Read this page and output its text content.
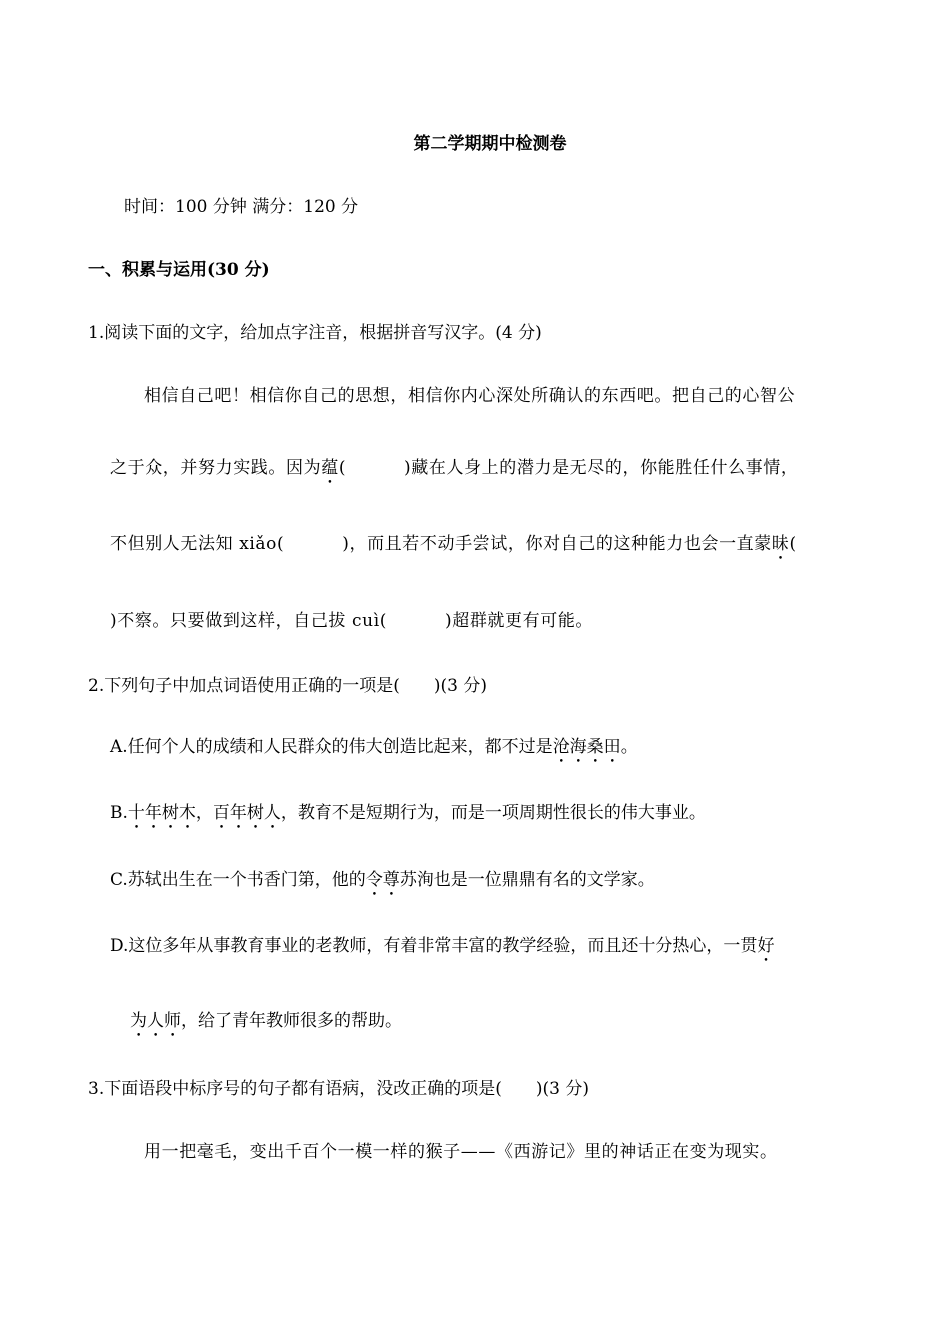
第二学期期中检测卷
时间：100 分钟 满分：120 分
一、积累与运用(30 分)
1.阅读下面的文字，给加点字注音，根据拼音写汉字。(4 分)
相信自己吧！相信你自己的思想，相信你内心深处所确认的东西吧。把自己的心智公
之于众，并努力实践。因为蕴(	)藏在人身上的潜力是无尽的，你能胜任什么事情，
不但别人无法知 xiǎo(	)，而且若不动手尝试，你对自己的这种能力也会一直蒙昧(
)不察。只要做到这样，自己拔 cuì(	)超群就更有可能。
2.下列句子中加点词语使用正确的一项是(　　)(3 分)
A.任何个人的成绩和人民群众的伟大创造比起来，都不过是沧海桑田。
B.十年树木，百年树人，教育不是短期行为，而是一项周期性很长的伟大事业。
C.苏轼出生在一个书香门第，他的令尊苏洵也是一位鼎鼎有名的文学家。
D.这位多年从事教育事业的老教师，有着非常丰富的教学经验，而且还十分热心，一贯好
为人师，给了青年教师很多的帮助。
3.下面语段中标序号的句子都有语病，没改正确的项是(　　)(3 分)
用一把毫毛，变出千百个一模一样的猴子——《西游记》里的神话正在变为现实。
